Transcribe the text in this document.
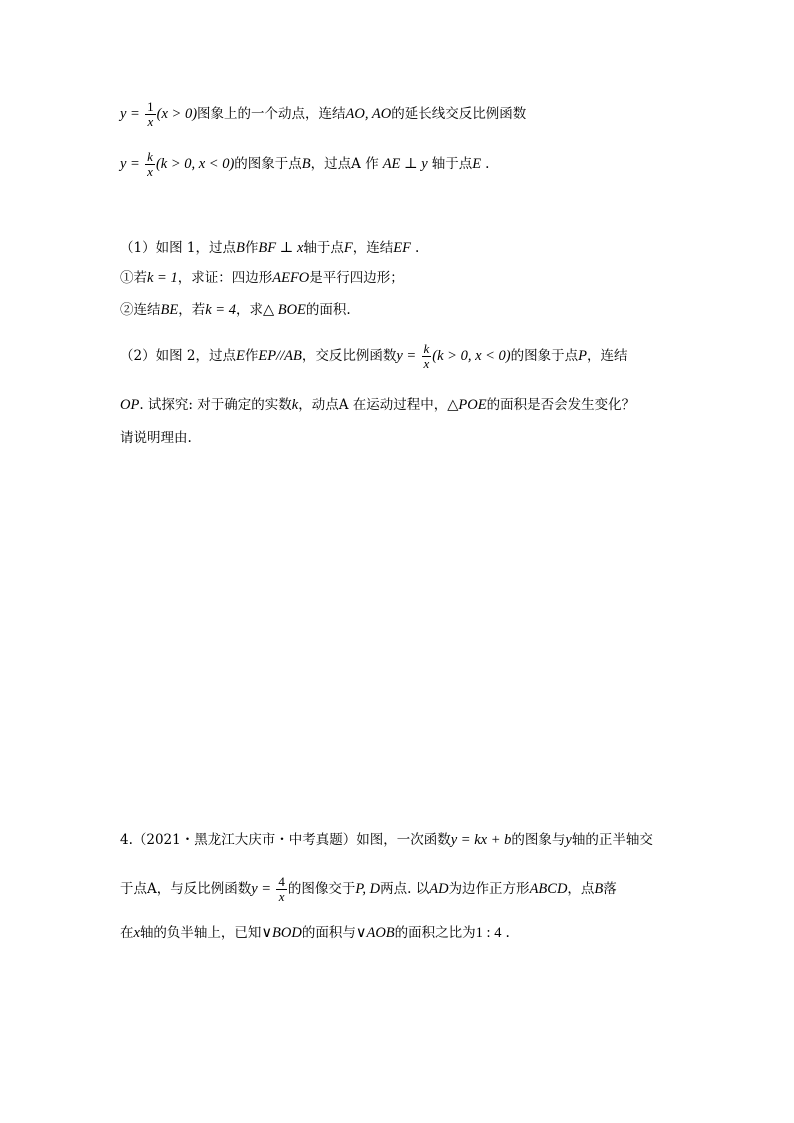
$y = \frac{1}{x} (x > 0)$图象上的一个动点，连结AO, AO的延长线交反比例函数
$y = \frac{k}{x} (k > 0$, x < 0)的图象于点B，过点A 作 AE ⊥ y 轴于点E .
（1）如图 1，过点B作BF ⊥ x轴于点F，连结EF .
①若k = 1，求证：四边形AEFO是平行四边形；
②连结BE，若k = 4，求△ BOE的面积.
（2）如图 2，过点E作EP//AB，交反比例函数$y = \frac{k}{x} (k > 0$, x < 0)的图象于点P，连结
OP. 试探究: 对于确定的实数k，动点A 在运动过程中，△POE的面积是否会发生变化？
请说明理由.
4.（2021・黑龙江大庆市・中考真题）如图，一次函数y = kx + b的图象与y轴的正半轴交
于点A，与反比例函数$y = \frac{4}{x}$ 的图像交于P, D两点. 以AD为边作正方形ABCD，点B落
在x轴的负半轴上，已知∨BOD的面积与∨AOB的面积之比为1 : 4 .
